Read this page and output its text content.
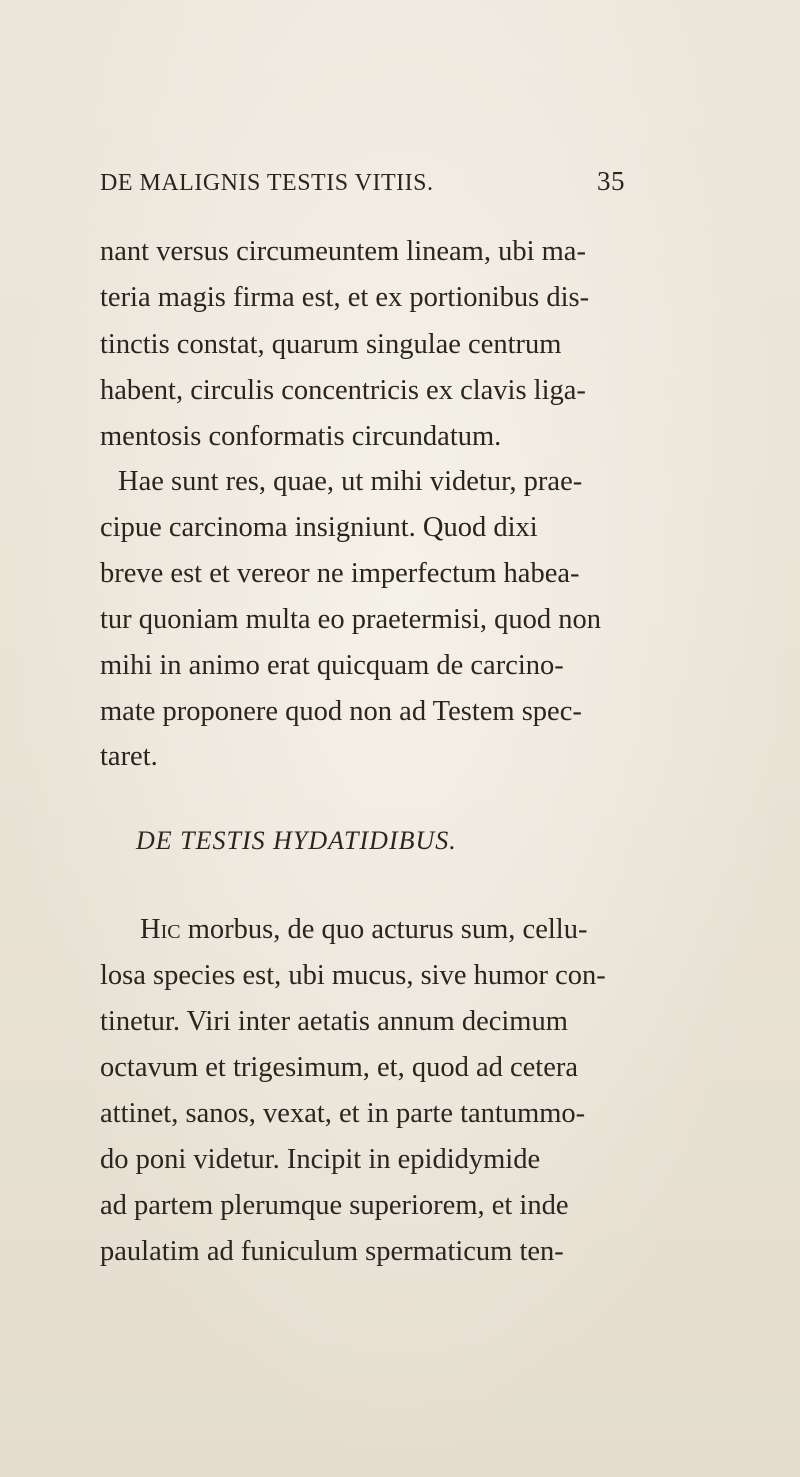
DE MALIGNIS TESTIS VITIIS.	35
nant versus circumeuntem lineam, ubi ma-
teria magis firma est, et ex portionibus dis-
tinctis constat, quarum singulae centrum
habent, circulis concentricis ex clavis liga-
mentosis conformatis circundatum.
Hae sunt res, quae, ut mihi videtur, prae-
cipue carcinoma insigniunt. Quod dixi
breve est et vereor ne imperfectum habea-
tur quoniam multa eo praetermisi, quod non
mihi in animo erat quicquam de carcino-
mate proponere quod non ad Testem spec-
taret.
DE TESTIS HYDATIDIBUS.
Hic morbus, de quo acturus sum, cellu-
losa species est, ubi mucus, sive humor con-
tinetur. Viri inter aetatis annum decimum
octavum et trigesimum, et, quod ad cetera
attinet, sanos, vexat, et in parte tantummo-
do poni videtur. Incipit in epididymide
ad partem plerumque superiorem, et inde
paulatim ad funiculum spermaticum ten-
